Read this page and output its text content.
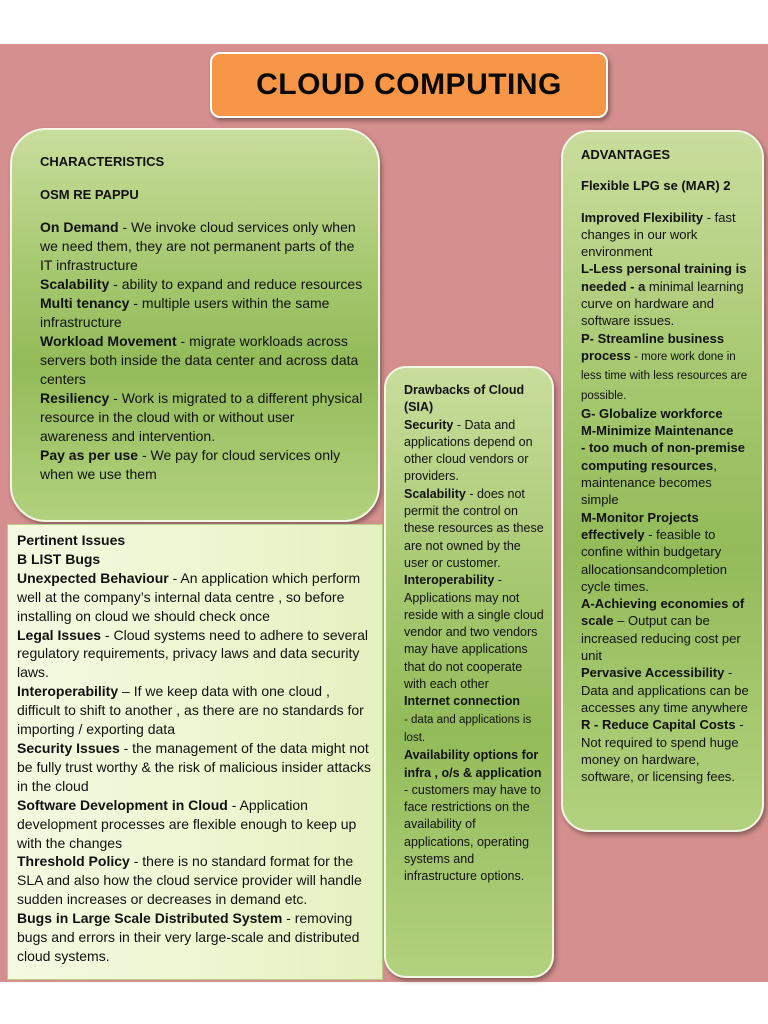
CLOUD COMPUTING

CHARACTERISTICS

OSM RE PAPPU

On Demand - We invoke cloud services only when we need them, they are not permanent parts of the IT infrastructure

Scalability - ability to expand and reduce resources

Multi tenancy - multiple users within the same infrastructure

Workload Movement - migrate workloads across servers both inside the data center and across data centers

Resiliency - Work is migrated to a different physical resource in the cloud with or without user awareness and intervention.

Pay as per use - We pay for cloud services only when we use them

Pertinent Issues

B LIST Bugs

Unexpected Behaviour - An application which perform well at the company’s internal data centre , so before installing on cloud we should check once

Legal Issues - Cloud systems need to adhere to several regulatory requirements, privacy laws and data security laws.

Interoperability – If we keep data with one cloud , difficult to shift to another , as there are no standards for importing / exporting data

Security Issues - the management of the data might not be fully trust worthy & the risk of malicious insider attacks in the cloud

Software Development in Cloud - Application development processes are flexible enough to keep up with the changes

Threshold Policy - there is no standard format for the SLA and also how the cloud service provider will handle sudden increases or decreases in demand etc.

Bugs in Large Scale Distributed System - removing bugs and errors in their very large-scale and distributed cloud systems.

Drawbacks of Cloud (SIA)

Security - Data and applications depend on other cloud vendors or providers.

Scalability - does not permit the control on these resources as these are not owned by the user or customer.

Interoperability - Applications may not reside with a single cloud vendor and two vendors may have applications that do not cooperate with each other

Internet connection
- data and applications is lost.

Availability options for infra , o/s & application - customers may have to face restrictions on the availability of applications, operating systems and infrastructure options.

ADVANTAGES

Flexible LPG se (MAR) 2

Improved Flexibility - fast changes in our work environment

L-Less personal training is needed - a minimal learning curve on hardware and software issues.

P- Streamline business process - more work done in less time with less resources are possible.

G- Globalize workforce

M-Minimize Maintenance

- too much of non-premise computing resources, maintenance becomes simple

M-Monitor Projects effectively - feasible to confine within budgetary allocationsandcompletion cycle times.

A-Achieving economies of scale – Output can be increased reducing cost per unit

Pervasive Accessibility - Data and applications can be accesses any time anywhere

R - Reduce Capital Costs - Not required to spend huge money on hardware, software, or licensing fees.
